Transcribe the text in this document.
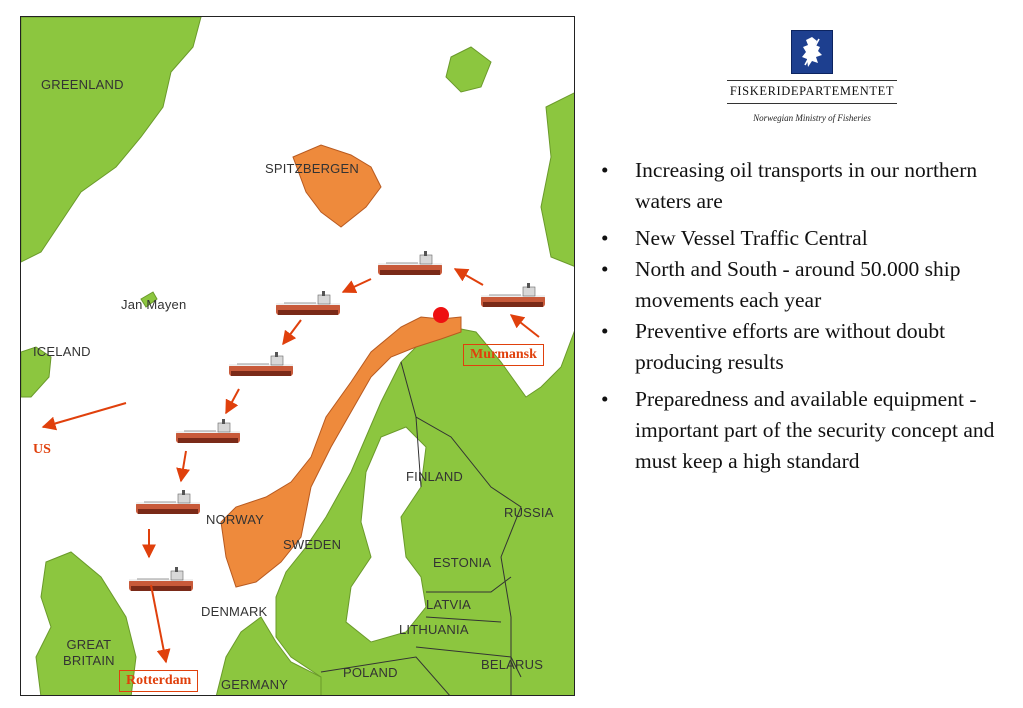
GREENLAND
SPITZBERGEN
Jan Mayen
ICELAND
FINLAND
RUSSIA
NORWAY
SWEDEN
ESTONIA
LATVIA
LITHUANIA
DENMARK
GREAT
BRITAIN
POLAND
BELARUS
GERMANY
Murmansk
US
Rotterdam
FISKERIDEPARTEMENTET
Norwegian Ministry of Fisheries
• Increasing oil transports in our northern waters are
• New Vessel Traffic Central
• North and South - around 50.000 ship movements each year
• Preventive efforts are without doubt producing results
• Preparedness and available equipment - important part of the security concept and must keep a high standard
